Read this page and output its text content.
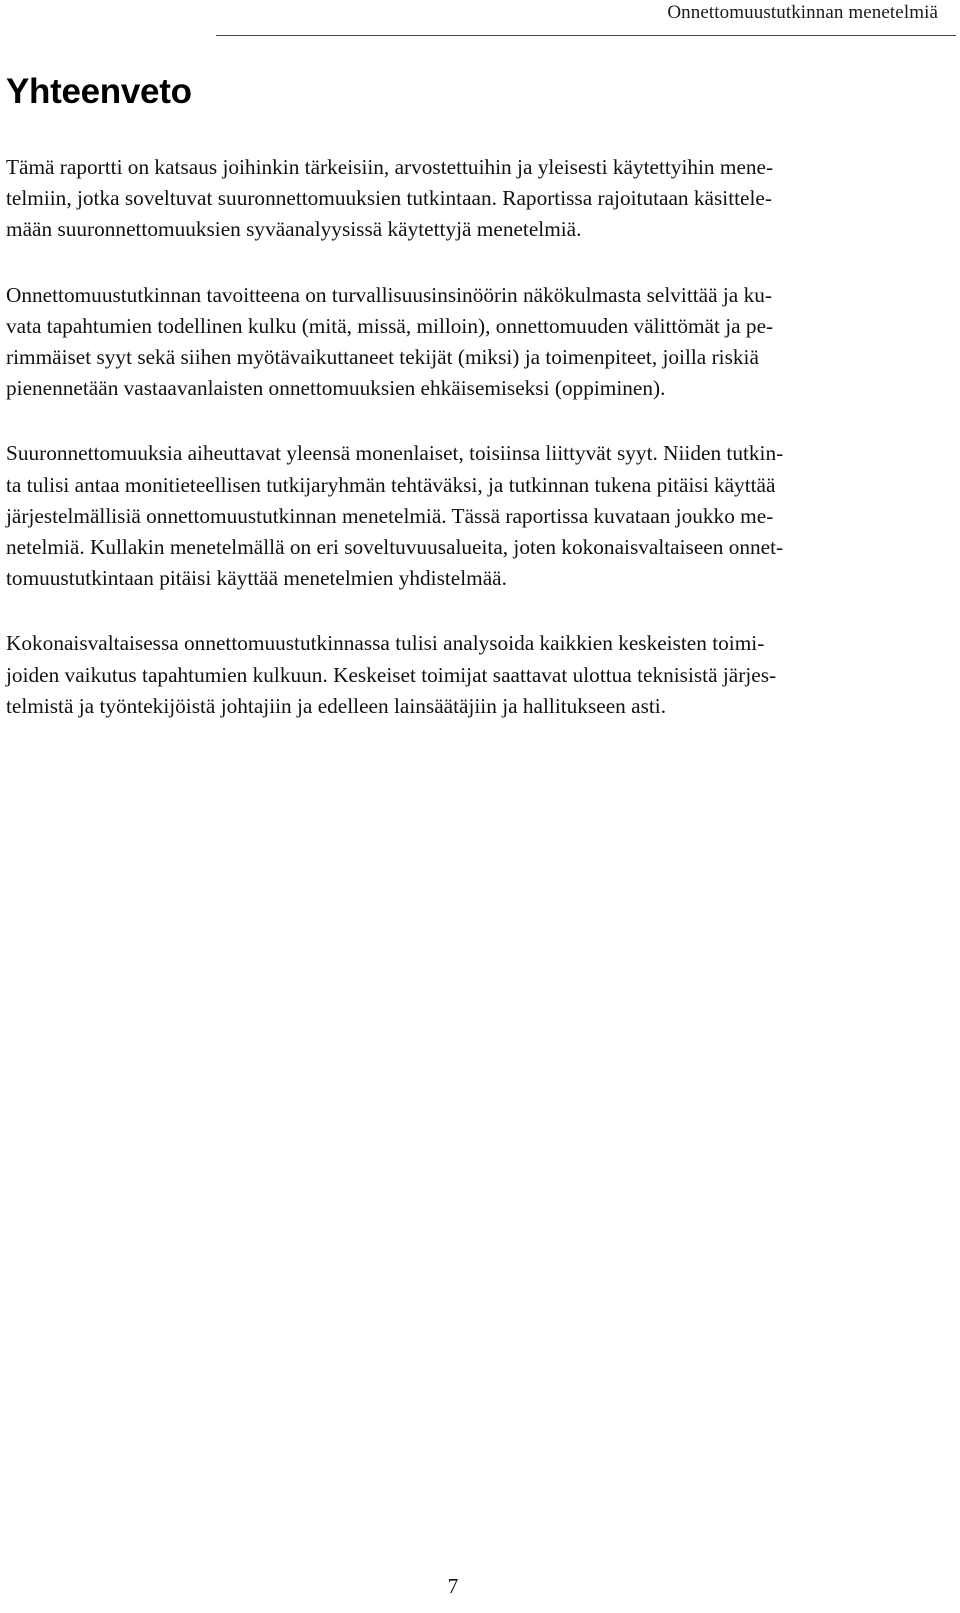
Onnettomuustutkinnan menetelmiä
Yhteenveto

Tämä raportti on katsaus joihinkin tärkeisiin, arvostettuihin ja yleisesti käytettyihin mene-
telmiin, jotka soveltuvat suuronnettomuuksien tutkintaan. Raportissa rajoitutaan käsittele-
mään suuronnettomuuksien syväanalyysissä käytettyjä menetelmiä.

Onnettomuustutkinnan tavoitteena on turvallisuusinsinöörin näkökulmasta selvittää ja ku-
vata tapahtumien todellinen kulku (mitä, missä, milloin), onnettomuuden välittömät ja pe-
rimmäiset syyt sekä siihen myötävaikuttaneet tekijät (miksi) ja toimenpiteet, joilla riskiä
pienennetään vastaavanlaisten onnettomuuksien ehkäisemiseksi (oppiminen).

Suuronnettomuuksia aiheuttavat yleensä monenlaiset, toisiinsa liittyvät syyt. Niiden tutkin-
ta tulisi antaa monitieteellisen tutkijaryhmän tehtäväksi, ja tutkinnan tukena pitäisi käyttää
järjestelmällisiä onnettomuustutkinnan menetelmiä. Tässä raportissa kuvataan joukko me-
netelmiä. Kullakin menetelmällä on eri soveltuvuusalueita, joten kokonaisvaltaiseen onnet-
tomuustutkintaan pitäisi käyttää menetelmien yhdistelmää.

Kokonaisvaltaisessa onnettomuustutkinnassa tulisi analysoida kaikkien keskeisten toimi-
joiden vaikutus tapahtumien kulkuun. Keskeiset toimijat saattavat ulottua teknisistä järjes-
telmistä ja työntekijöistä johtajiin ja edelleen lainsäätäjiin ja hallitukseen asti.

7
